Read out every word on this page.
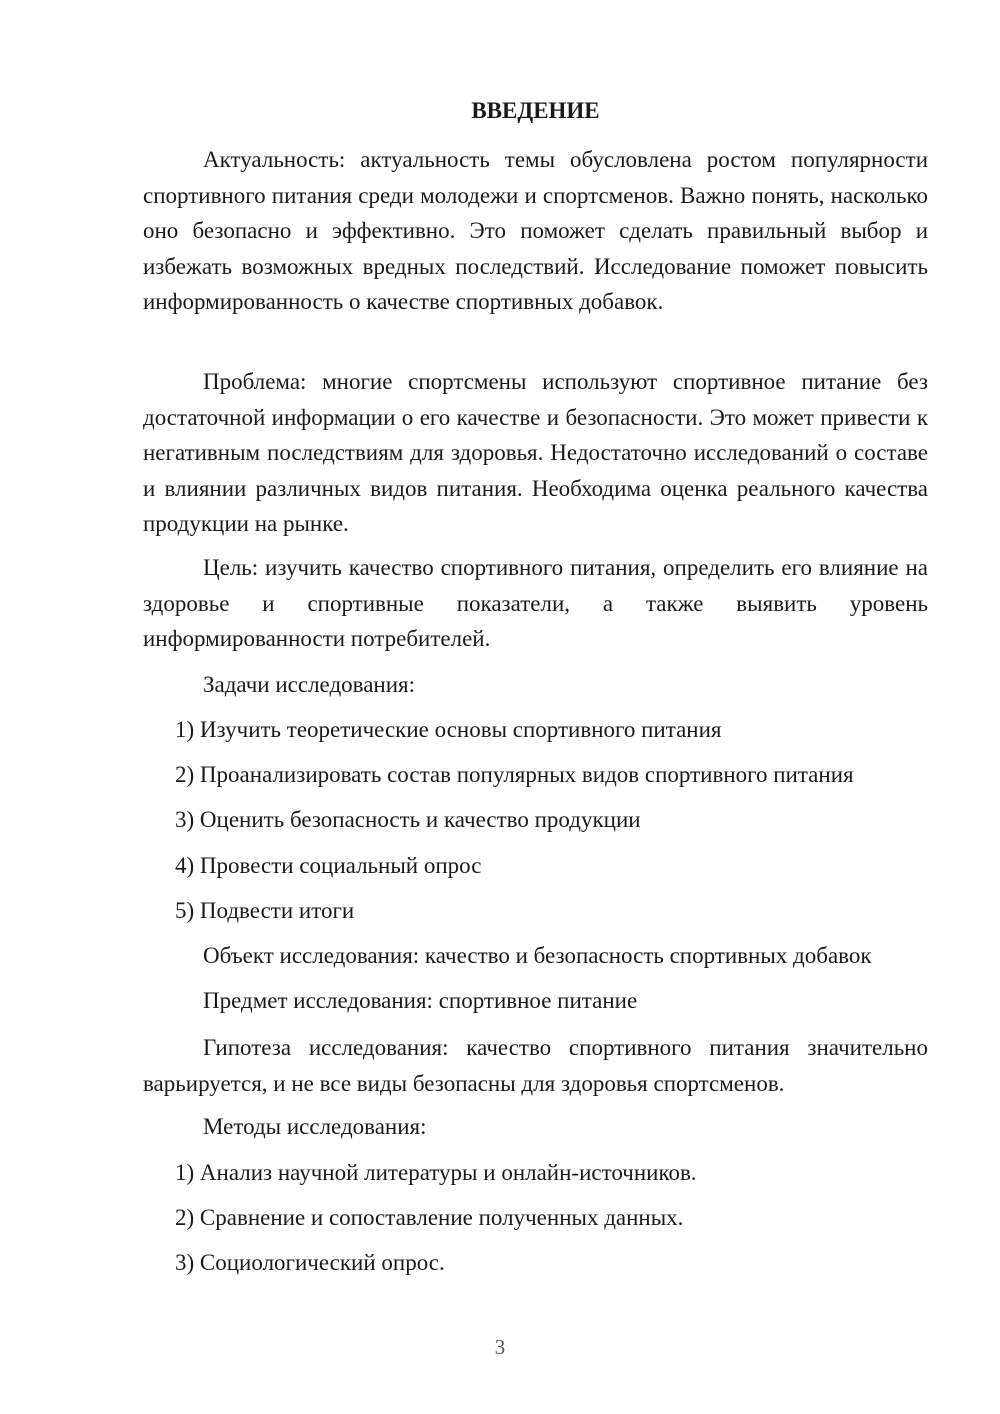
ВВЕДЕНИЕ

Актуальность: актуальность темы обусловлена ростом популярности спортивного питания среди молодежи и спортсменов. Важно понять, насколько оно безопасно и эффективно. Это поможет сделать правильный выбор и избежать возможных вредных последствий. Исследование поможет повысить информированность о качестве спортивных добавок.

Проблема: многие спортсмены используют спортивное питание без достаточной информации о его качестве и безопасности. Это может привести к негативным последствиям для здоровья. Недостаточно исследований о составе и влиянии различных видов питания. Необходима оценка реального качества продукции на рынке.

Цель: изучить качество спортивного питания, определить его влияние на здоровье и спортивные показатели, а также выявить уровень информированности потребителей.

Задачи исследования:
1) Изучить теоретические основы спортивного питания
2) Проанализировать состав популярных видов спортивного питания
3) Оценить безопасность и качество продукции
4) Провести социальный опрос
5) Подвести итоги
Объект исследования: качество и безопасность спортивных добавок
Предмет исследования: спортивное питание

Гипотеза исследования: качество спортивного питания значительно варьируется, и не все виды безопасны для здоровья спортсменов.

Методы исследования:
1) Анализ научной литературы и онлайн-источников.
2) Сравнение и сопоставление полученных данных.
3) Социологический опрос.
3
